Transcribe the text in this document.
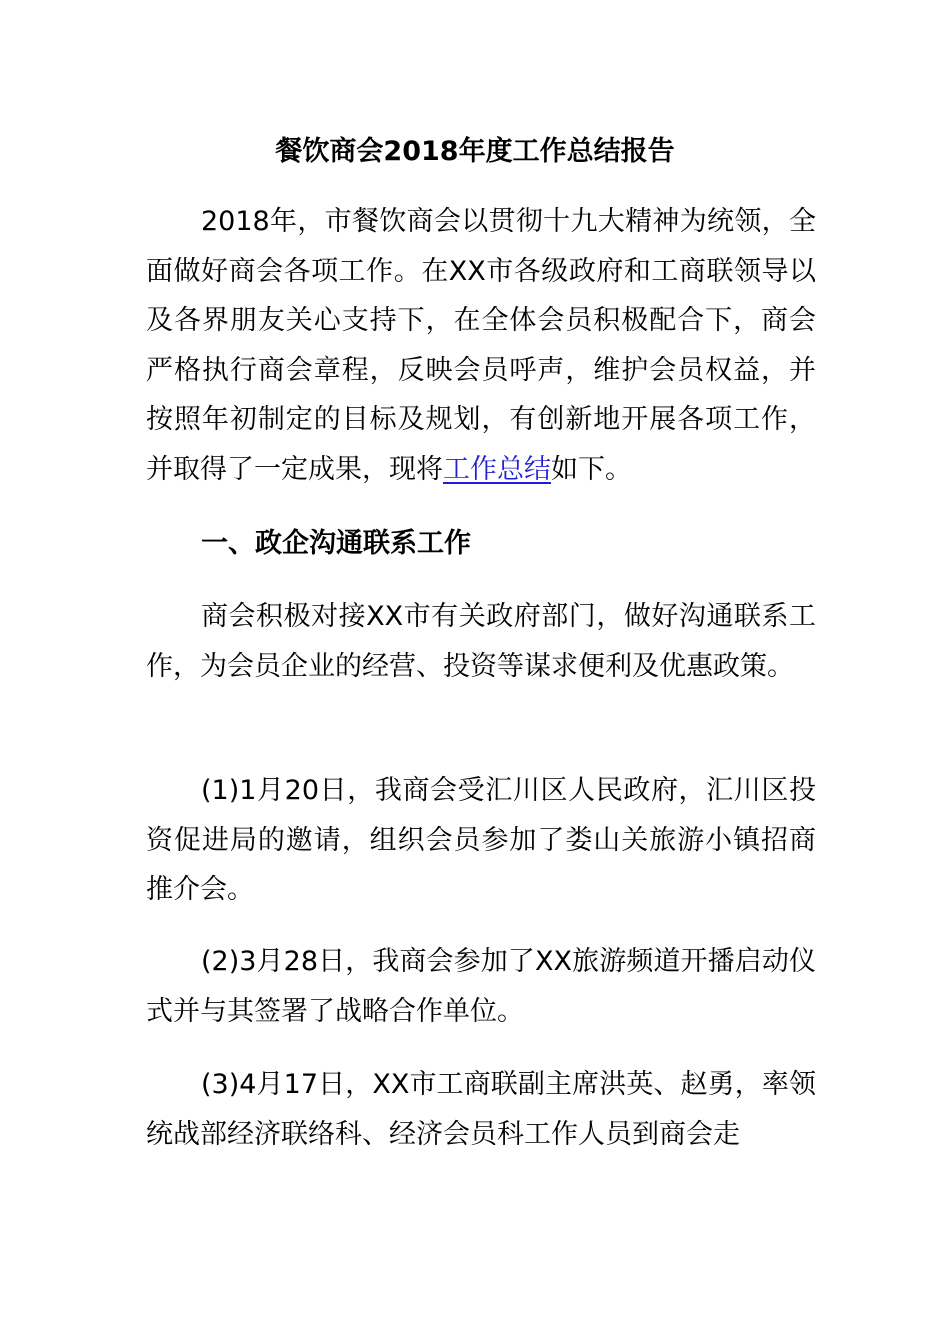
餐饮商会2018年度工作总结报告

2018年，市餐饮商会以贯彻十九大精神为统领，全面做好商会各项工作。在XX市各级政府和工商联领导以及各界朋友关心支持下，在全体会员积极配合下，商会严格执行商会章程，反映会员呼声，维护会员权益，并按照年初制定的目标及规划，有创新地开展各项工作，并取得了一定成果，现将工作总结如下。

一、政企沟通联系工作

商会积极对接XX市有关政府部门，做好沟通联系工作，为会员企业的经营、投资等谋求便利及优惠政策。

(1)1月20日，我商会受汇川区人民政府，汇川区投资促进局的邀请，组织会员参加了娄山关旅游小镇招商推介会。

(2)3月28日，我商会参加了XX旅游频道开播启动仪式并与其签署了战略合作单位。

(3)4月17日，XX市工商联副主席洪英、赵勇，率领统战部经济联络科、经济会员科工作人员到商会走
